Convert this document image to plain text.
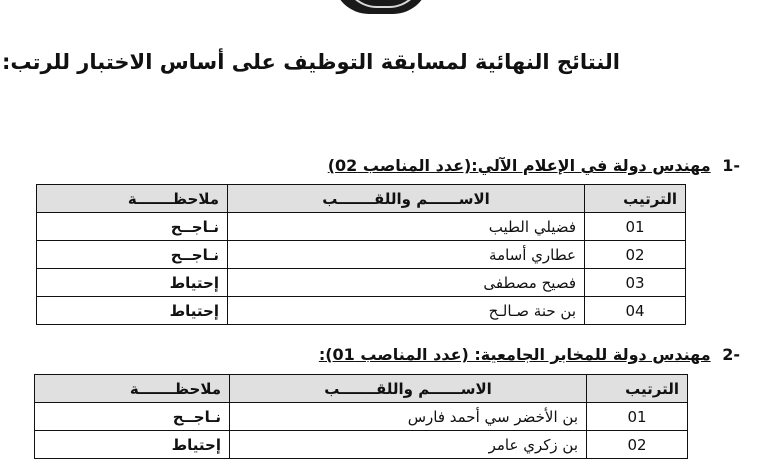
النتائج النهائية لمسابقة التوظيف على أساس الاختبار للرتب:
-1 مهندس دولة في الإعلام الآلي:(عدد المناصب 02)
الترتيب	الاســــــم واللقـــــــب	ملاحظـــــــة
01	فضيلي الطيب	نـاجــح
02	عطاري أسامة	نـاجــح
03	فصيح مصطفى	إحتياط
04	بن حنة صـالـح	إحتياط
-2 مهندس دولة للمخابر الجامعية: (عدد المناصب 01):
الترتيب	الاســــــم واللقـــــــب	ملاحظـــــــة
01	بن الأخضر سي أحمد فارس	نـاجــح
02	بن زكري عامر	إحتياط
